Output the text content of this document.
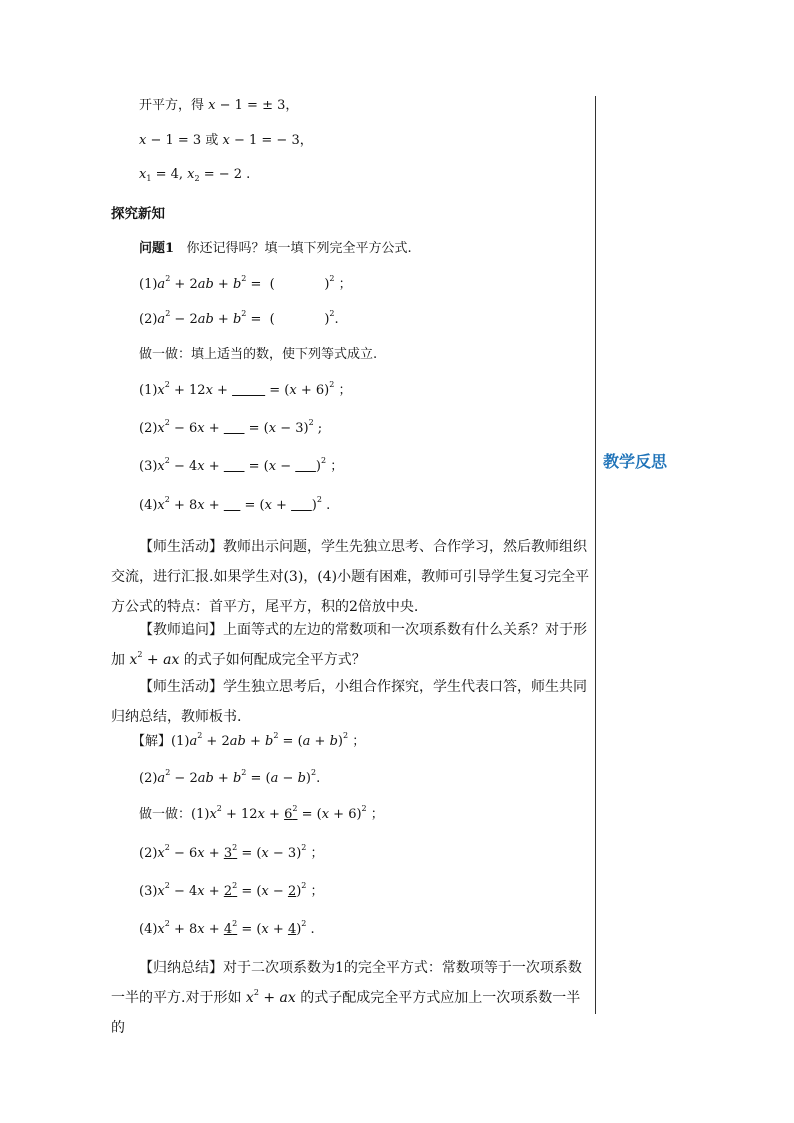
教学反思
开平方，得 x − 1 = ± 3，
x − 1 = 3 或 x − 1 = − 3，
$x_1 = 4$, $x_2$ = − 2 .
探究新知
问题1 你还记得吗？填一填下列完全平方公式.
$(1)a^2 + 2ab + b^2$ =  (            )$^2$ ；
$(2)a^2 - 2ab + b^2$ =  (            )$^2$.
做一做：填上适当的数，使下列等式成立.
$(1)x^2 + 12x$ +	= $(x + 6)^2$ ；
$(2)x^2 - 6x$ +       = $(x - 3)^2$ ;
$(3)x^2 - 4x$ +       = (x −      )$^2$ ；
$(4)x^2 + 8x$ +      = (x +      )$^2$ .
【师生活动】教师出示问题，学生先独立思考、合作学习，然后教师组织交流，进行汇报.如果学生对(3)，(4)小题有困难，教师可引导学生复习完全平方公式的特点：首平方，尾平方，积的2倍放中央.
【教师追问】上面等式的左边的常数项和一次项系数有什么关系？对于形加 $x^2$ + ax 的式子如何配成完全平方式？
【师生活动】学生独立思考后，小组合作探究，学生代表口答，师生共同归纳总结，教师板书.
【解】$(1)a^2 + 2ab + b^2 = (a + b)^2$ ；
$(2)a^2 - 2ab + b^2 = (a - b)^2$.
做一做：$(1)x^2 + 12x + 6^2 = (x + 6)^2$ ；
$(2)x^2 - 6x + 3^2 = (x - 3)^2$ ；
$(3)x^2 - 4x + 2^2 = (x - 2)^2$ ；
$(4)x^2 + 8x + 4^2 = (x + 4)^2$ .
【归纳总结】对于二次项系数为1的完全平方式：常数项等于一次项系数一半的平方.对于形如 $x^2$ + ax 的式子配成完全平方式应加上一次项系数一半的
